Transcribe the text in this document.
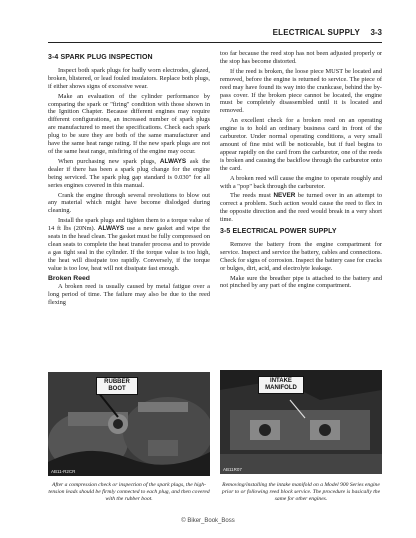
ELECTRICAL SUPPLY 3-3
3-4 SPARK PLUG INSPECTION

Inspect both spark plugs for badly worn electrodes, glazed, broken, blistered, or lead fouled insulators. Replace both plugs, if either shows signs of excessive wear.

Make an evaluation of the cylinder performance by comparing the spark or "firing" condition with those shown in the Ignition Chapter. Because different engines may require different configurations, an increased number of spark plugs are manufactured to meet the specifications. Check each spark plug to be sure they are both of the same manufacturer and have the same heat range rating. If the new spark plugs are not of the same heat range, misfiring of the engine may occur.

When purchasing new spark plugs, ALWAYS ask the dealer if there has been a spark plug change for the engine being serviced. The spark plug gap standard is 0.030" for all series engines covered in this manual.

Crank the engine through several revolutions to blow out any material which might have become dislodged during cleaning.

Install the spark plugs and tighten them to a torque value of 14 ft lbs (20Nm). ALWAYS use a new gasket and wipe the seats in the head clean. The gasket must be fully compressed on clean seats to complete the heat transfer process and to provide a gas tight seal in the cylinder. If the torque value is too high, the heat will dissipate too rapidly. Conversely, if the torque value is too low, heat will not dissipate fast enough.

Broken Reed

A broken reed is usually caused by metal fatigue over a long period of time. The failure may also be due to the reed flexing

too far because the reed stop has not been adjusted properly or the stop has become distorted.

If the reed is broken, the loose piece MUST be located and removed, before the engine is returned to service. The piece of reed may have found its way into the crankcase, behind the by-pass cover. If the broken piece cannot be located, the engine must be completely disassembled until it is located and removed.

An excellent check for a broken reed on an operating engine is to hold an ordinary business card in front of the carburetor. Under normal operating conditions, a very small amount of fine mist will be noticeable, but if fuel begins to appear rapidly on the card from the carburetor, one of the reeds is broken and causing the backflow through the carburetor onto the card.

A broken reed will cause the engine to operate roughly and with a "pop" back through the carburetor.

The reeds must NEVER be turned over in an attempt to correct a problem. Such action would cause the reed to flex in the opposite direction and the reed would break in a very short time.

3-5 ELECTRICAL POWER SUPPLY

Remove the battery from the engine compartment for service. Inspect and service the battery, cables and connections. Check for signs of corrosion. Inspect the battery case for cracks or bulges, dirt, acid, and electrolyte leakage.

Make sure the breather pipe is attached to the battery and not pinched by any part of the engine compartment.

RUBBER BOOT
AB11-R2CR
INTAKE MANIFOLD
AB11R07
After a compression check or inspection of the spark plugs, the high-tension leads should be firmly connected to each plug, and then covered with the rubber boot.
Removing/installing the intake manifold on a Model 900 Series engine prior to or following reed block service. The procedure is basically the same for other engines.
© Biker_Book_Boss
